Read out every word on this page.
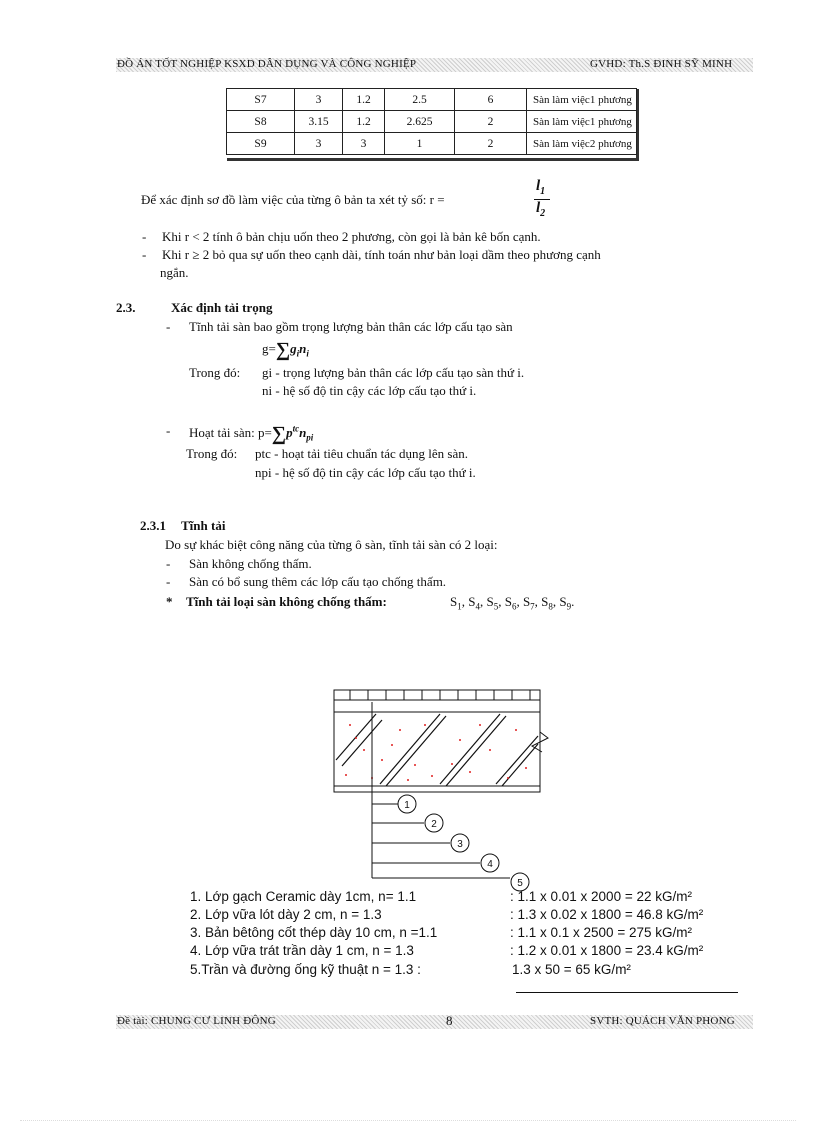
ĐỒ ÁN TỐT NGHIỆP KSXD DÂN DỤNG VÀ CÔNG NGHIỆP	GVHD: Th.S ĐINH SỸ MINH
S7	3	1.2	2.5	6	Sàn làm việc1 phương
S8	3.15	1.2	2.625	2	Sàn làm việc1 phương
S9	3	3	1	2	Sàn làm việc2 phương
Để xác định sơ đồ làm việc của từng ô bản ta xét tỷ số: r =
$l_1$
$l_2$
- Khi r < 2 tính ô bản chịu uốn theo 2 phương, còn gọi là bản kê bốn cạnh.
- Khi r ≥ 2 bỏ qua sự uốn theo cạnh dài, tính toán như bản loại dầm theo phương cạnh
ngắn.
2.3.	Xác định tải trọng
- Tĩnh tải sàn bao gồm trọng lượng bản thân các lớp cấu tạo sàn
$g=\sum g_in_i$
Trong đó: gi - trọng lượng bản thân các lớp cấu tạo sàn thứ i.
ni - hệ số độ tin cậy các lớp cấu tạo thứ i.
- Hoạt tải sàn: $p=\sum p^{tc}n_{pi}$
Trong đó: ptc - hoạt tải tiêu chuẩn tác dụng lên sàn.
npi - hệ số độ tin cậy các lớp cấu tạo thứ i.
2.3.1 Tĩnh tải
Do sự khác biệt công năng của từng ô sàn, tĩnh tải sàn có 2 loại:
- Sàn không chống thấm.
- Sàn có bổ sung thêm các lớp cấu tạo chống thấm.
* Tĩnh tải loại sàn không chống thấm:	$S_1$, $S_4$, $S_5$, $S_6$, $S_7$, $S_8$, $S_9$.
1
2
3
4
5
1. Lớp gạch Ceramic dày 1cm, n= 1.1	: 1.1 x 0.01 x 2000 = 22 kG/m²
2. Lớp vữa lót dày 2 cm, n = 1.3	: 1.3 x 0.02 x 1800 = 46.8 kG/m²
3. Bản bêtông cốt thép dày 10 cm, n =1.1	: 1.1 x 0.1 x 2500 = 275 kG/m²
4. Lớp vữa trát trần dày 1 cm, n = 1.3	: 1.2 x 0.01 x 1800 = 23.4 kG/m²
5.Trần và đường ống kỹ thuật n = 1.3 :	1.3 x 50 = 65 kG/m²
Đề tài: CHUNG CƯ LINH ĐÔNG	8	SVTH: QUÁCH VĂN PHONG
